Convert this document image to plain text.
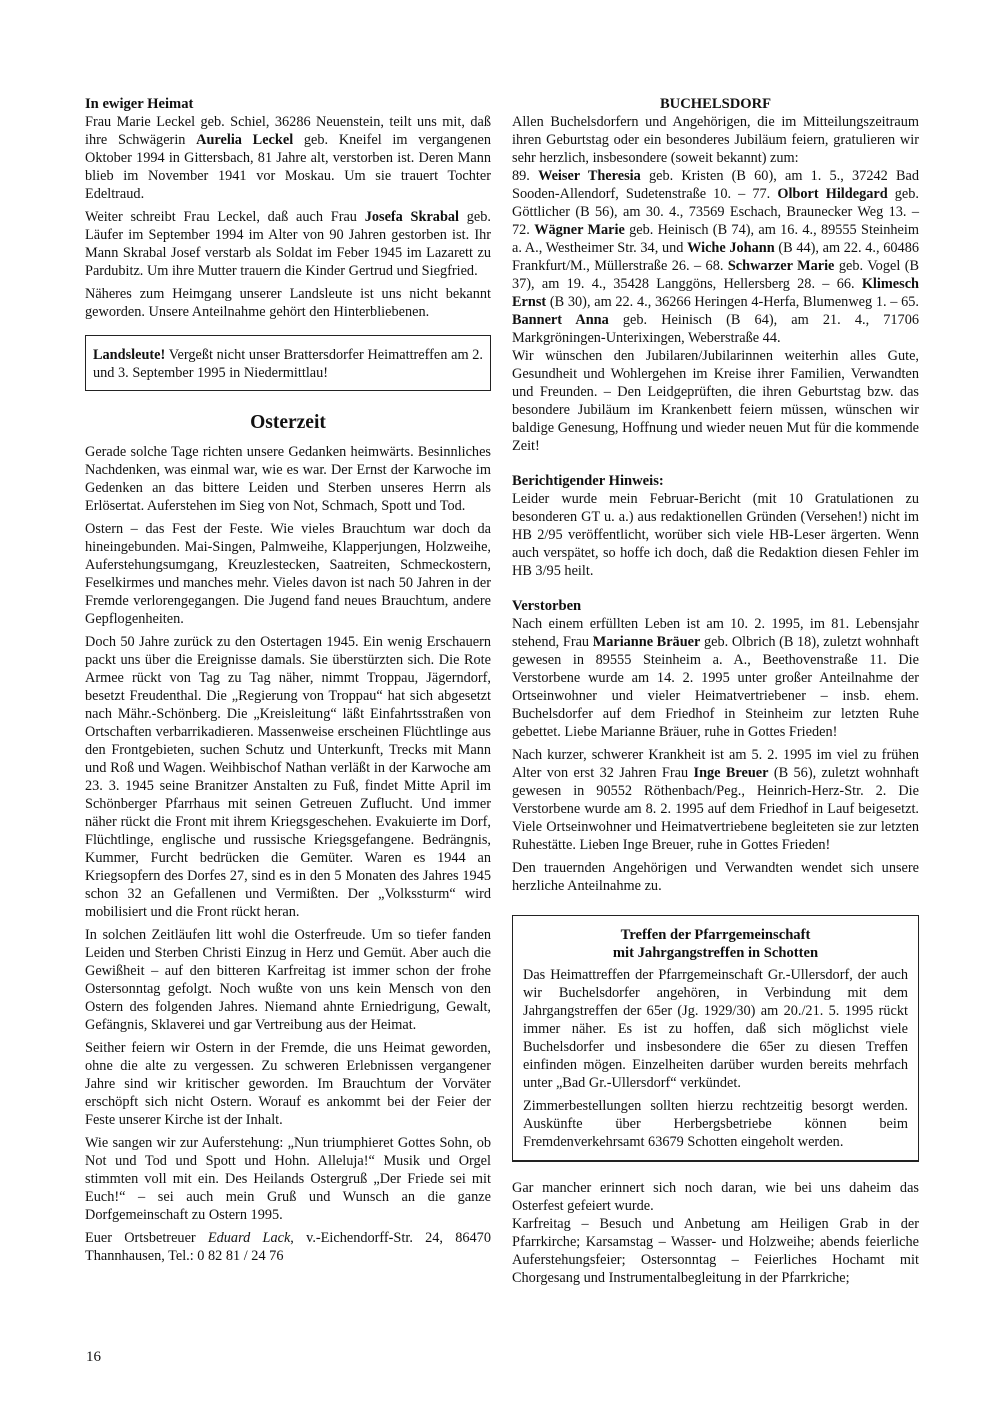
In ewiger Heimat

Frau Marie Leckel geb. Schiel, 36286 Neuenstein, teilt uns mit, daß ihre Schwägerin Aurelia Leckel geb. Kneifel im vergangenen Oktober 1994 in Gittersbach, 81 Jahre alt, verstorben ist. Deren Mann blieb im November 1941 vor Moskau. Um sie trauert Tochter Edeltraud.

Weiter schreibt Frau Leckel, daß auch Frau Josefa Skrabal geb. Läufer im September 1994 im Alter von 90 Jahren gestorben ist. Ihr Mann Skrabal Josef verstarb als Soldat im Feber 1945 im Lazarett zu Pardubitz. Um ihre Mutter trauern die Kinder Gertrud und Siegfried.

Näheres zum Heimgang unserer Landsleute ist uns nicht bekannt geworden. Unsere Anteilnahme gehört den Hinterbliebenen.

Landsleute! Vergeßt nicht unser Brattersdorfer Heimattreffen am 2. und 3. September 1995 in Niedermittlau!

Osterzeit

Gerade solche Tage richten unsere Gedanken heimwärts. Besinnliches Nachdenken, was einmal war, wie es war. Der Ernst der Karwoche im Gedenken an das bittere Leiden und Sterben unseres Herrn als Erlösertat. Auferstehen im Sieg von Not, Schmach, Spott und Tod.

Ostern – das Fest der Feste. Wie vieles Brauchtum war doch da hineingebunden. Mai-Singen, Palmweihe, Klapperjungen, Holzweihe, Auferstehungsumgang, Kreuzlestecken, Saatreiten, Schmeckostern, Feselkirmes und manches mehr. Vieles davon ist nach 50 Jahren in der Fremde verlorengegangen. Die Jugend fand neues Brauchtum, andere Gepflogenheiten.

Doch 50 Jahre zurück zu den Ostertagen 1945. Ein wenig Erschauern packt uns über die Ereignisse damals. Sie überstürzten sich. Die Rote Armee rückt von Tag zu Tag näher, nimmt Troppau, Jägerndorf, besetzt Freudenthal. Die „Regierung von Troppau“ hat sich abgesetzt nach Mähr.-Schönberg. Die „Kreisleitung“ läßt Einfahrtsstraßen von Ortschaften verbarrikadieren. Massenweise erscheinen Flüchtlinge aus den Frontgebieten, suchen Schutz und Unterkunft, Trecks mit Mann und Roß und Wagen. Weihbischof Nathan verläßt in der Karwoche am 23. 3. 1945 seine Branitzer Anstalten zu Fuß, findet Mitte April im Schönberger Pfarrhaus mit seinen Getreuen Zuflucht. Und immer näher rückt die Front mit ihrem Kriegsgeschehen. Evakuierte im Dorf, Flüchtlinge, englische und russische Kriegsgefangene. Bedrängnis, Kummer, Furcht bedrücken die Gemüter. Waren es 1944 an Kriegsopfern des Dorfes 27, sind es in den 5 Monaten des Jahres 1945 schon 32 an Gefallenen und Vermißten. Der „Volkssturm“ wird mobilisiert und die Front rückt heran.

In solchen Zeitläufen litt wohl die Osterfreude. Um so tiefer fanden Leiden und Sterben Christi Einzug in Herz und Gemüt. Aber auch die Gewißheit – auf den bitteren Karfreitag ist immer schon der frohe Ostersonntag gefolgt. Noch wußte von uns kein Mensch von den Ostern des folgenden Jahres. Niemand ahnte Erniedrigung, Gewalt, Gefängnis, Sklaverei und gar Vertreibung aus der Heimat.

Seither feiern wir Ostern in der Fremde, die uns Heimat geworden, ohne die alte zu vergessen. Zu schweren Erlebnissen vergangener Jahre sind wir kritischer geworden. Im Brauchtum der Vorväter erschöpft sich nicht Ostern. Worauf es ankommt bei der Feier der Feste unserer Kirche ist der Inhalt.

Wie sangen wir zur Auferstehung: „Nun triumphieret Gottes Sohn, ob Not und Tod und Spott und Hohn. Alleluja!“ Musik und Orgel stimmten voll mit ein. Des Heilands Ostergruß „Der Friede sei mit Euch!“ – sei auch mein Gruß und Wunsch an die ganze Dorfgemeinschaft zu Ostern 1995.

Euer Ortsbetreuer Eduard Lack, v.-Eichendorff-Str. 24, 86470 Thannhausen, Tel.: 0 82 81 / 24 76

BUCHELSDORF

Allen Buchelsdorfern und Angehörigen, die im Mitteilungszeitraum ihren Geburtstag oder ein besonderes Jubiläum feiern, gratulieren wir sehr herzlich, insbesondere (soweit bekannt) zum:

89. Weiser Theresia geb. Kristen (B 60), am 1. 5., 37242 Bad Sooden-Allendorf, Sudetenstraße 10. – 77. Olbort Hildegard geb. Göttlicher (B 56), am 30. 4., 73569 Eschach, Braunecker Weg 13. – 72. Wägner Marie geb. Heinisch (B 74), am 16. 4., 89555 Steinheim a. A., Westheimer Str. 34, und Wiche Johann (B 44), am 22. 4., 60486 Frankfurt/M., Müllerstraße 26. – 68. Schwarzer Marie geb. Vogel (B 37), am 19. 4., 35428 Langgöns, Hellersberg 28. – 66. Klimesch Ernst (B 30), am 22. 4., 36266 Heringen 4-Herfa, Blumenweg 1. – 65. Bannert Anna geb. Heinisch (B 64), am 21. 4., 71706 Markgröningen-Unterixingen, Weberstraße 44.

Wir wünschen den Jubilaren/Jubilarinnen weiterhin alles Gute, Gesundheit und Wohlergehen im Kreise ihrer Familien, Verwandten und Freunden. – Den Leidgeprüften, die ihren Geburtstag bzw. das besondere Jubiläum im Krankenbett feiern müssen, wünschen wir baldige Genesung, Hoffnung und wieder neuen Mut für die kommende Zeit!

Berichtigender Hinweis:

Leider wurde mein Februar-Bericht (mit 10 Gratulationen zu besonderen GT u. a.) aus redaktionellen Gründen (Versehen!) nicht im HB 2/95 veröffentlicht, worüber sich viele HB-Leser ärgerten. Wenn auch verspätet, so hoffe ich doch, daß die Redaktion diesen Fehler im HB 3/95 heilt.

Verstorben

Nach einem erfüllten Leben ist am 10. 2. 1995, im 81. Lebensjahr stehend, Frau Marianne Bräuer geb. Olbrich (B 18), zuletzt wohnhaft gewesen in 89555 Steinheim a. A., Beethovenstraße 11. Die Verstorbene wurde am 14. 2. 1995 unter großer Anteilnahme der Ortseinwohner und vieler Heimatvertriebener – insb. ehem. Buchelsdorfer auf dem Friedhof in Steinheim zur letzten Ruhe gebettet. Liebe Marianne Bräuer, ruhe in Gottes Frieden!

Nach kurzer, schwerer Krankheit ist am 5. 2. 1995 im viel zu frühen Alter von erst 32 Jahren Frau Inge Breuer (B 56), zuletzt wohnhaft gewesen in 90552 Röthenbach/Peg., Heinrich-Herz-Str. 2. Die Verstorbene wurde am 8. 2. 1995 auf dem Friedhof in Lauf beigesetzt. Viele Ortseinwohner und Heimatvertriebene begleiteten sie zur letzten Ruhestätte. Lieben Inge Breuer, ruhe in Gottes Frieden!

Den trauernden Angehörigen und Verwandten wendet sich unsere herzliche Anteilnahme zu.

Treffen der Pfarrgemeinschaft
mit Jahrgangstreffen in Schotten

Das Heimattreffen der Pfarrgemeinschaft Gr.-Ullersdorf, der auch wir Buchelsdorfer angehören, in Verbindung mit dem Jahrgangstreffen der 65er (Jg. 1929/30) am 20./21. 5. 1995 rückt immer näher. Es ist zu hoffen, daß sich möglichst viele Buchelsdorfer und insbesondere die 65er zu diesen Treffen einfinden mögen. Einzelheiten darüber wurden bereits mehrfach unter „Bad Gr.-Ullersdorf“ verkündet.

Zimmerbestellungen sollten hierzu rechtzeitig besorgt werden. Auskünfte über Herbergsbetriebe können beim Fremdenverkehrsamt 63679 Schotten eingeholt werden.

Gar mancher erinnert sich noch daran, wie bei uns daheim das Osterfest gefeiert wurde.

Karfreitag – Besuch und Anbetung am Heiligen Grab in der Pfarrkirche; Karsamstag – Wasser- und Holzweihe; abends feierliche Auferstehungsfeier; Ostersonntag – Feierliches Hochamt mit Chorgesang und Instrumentalbegleitung in der Pfarrkriche;

16
